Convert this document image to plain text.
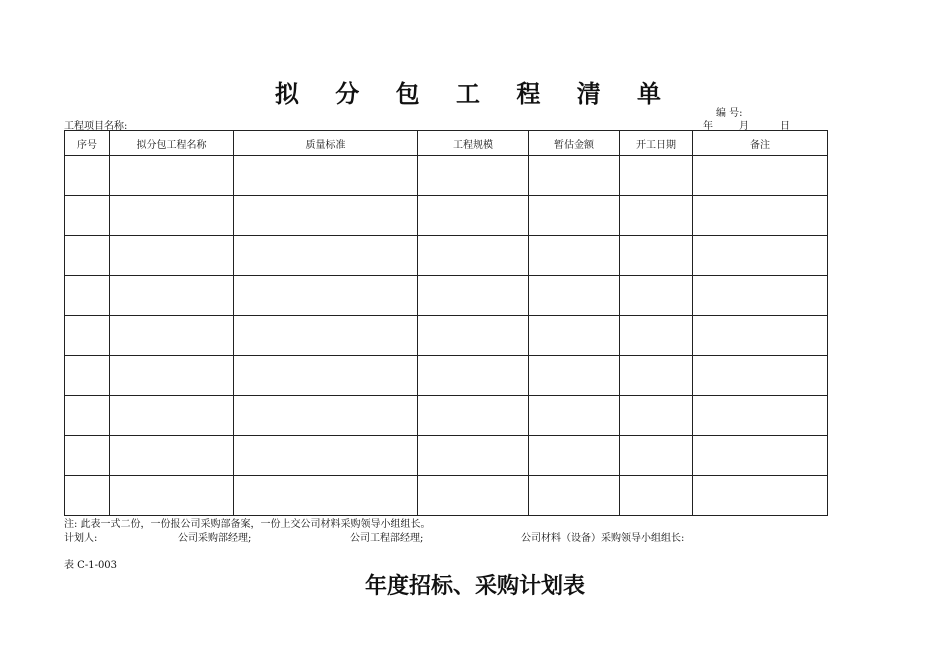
拟 分 包 工 程 清 单
编 号:
工程项目名称:	年	月	日
序号	拟分包工程名称	质量标准	工程规模	暂估金额	开工日期	备注

注: 此表一式二份，一份报公司采购部备案，一份上交公司材料采购领导小组组长。
计划人:	公司采购部经理;	公司工程部经理;	公司材料（设备）采购领导小组组长:
表 C-1-003
年度招标、采购计划表
